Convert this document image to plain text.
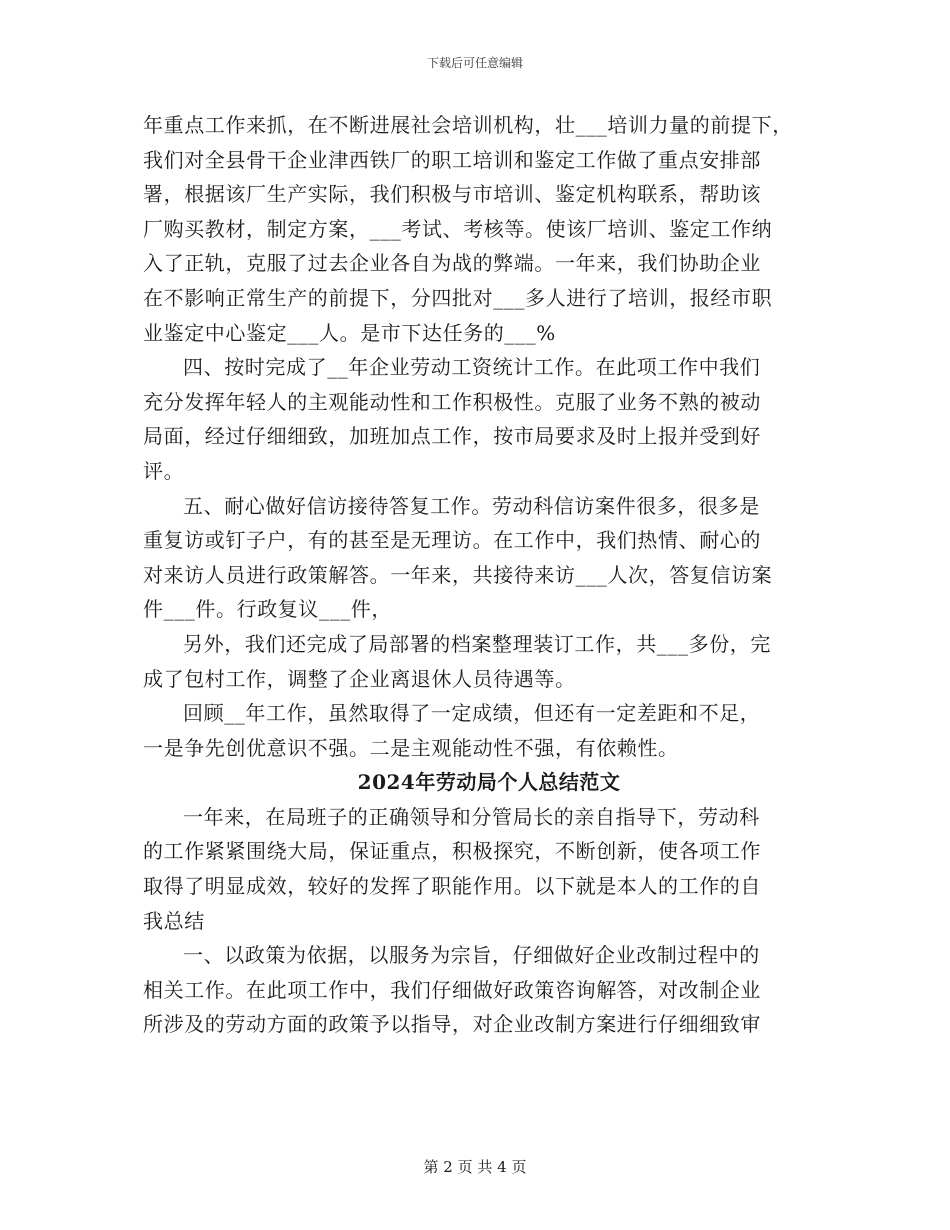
下载后可任意编辑
年重点工作来抓，在不断进展社会培训机构，壮___培训力量的前提下，
我们对全县骨干企业津西铁厂的职工培训和鉴定工作做了重点安排部
署，根据该厂生产实际，我们积极与市培训、鉴定机构联系，帮助该
厂购买教材，制定方案，___考试、考核等。使该厂培训、鉴定工作纳
入了正轨，克服了过去企业各自为战的弊端。一年来，我们协助企业
在不影响正常生产的前提下，分四批对___多人进行了培训，报经市职
业鉴定中心鉴定___人。是市下达任务的___%
四、按时完成了__年企业劳动工资统计工作。在此项工作中我们
充分发挥年轻人的主观能动性和工作积极性。克服了业务不熟的被动
局面，经过仔细细致，加班加点工作，按市局要求及时上报并受到好
评。
五、耐心做好信访接待答复工作。劳动科信访案件很多，很多是
重复访或钉子户，有的甚至是无理访。在工作中，我们热情、耐心的
对来访人员进行政策解答。一年来，共接待来访___人次，答复信访案
件___件。行政复议___件，
另外，我们还完成了局部署的档案整理装订工作，共___多份，完
成了包村工作，调整了企业离退休人员待遇等。
回顾__年工作，虽然取得了一定成绩，但还有一定差距和不足，
一是争先创优意识不强。二是主观能动性不强，有依赖性。
2024年劳动局个人总结范文
一年来，在局班子的正确领导和分管局长的亲自指导下，劳动科
的工作紧紧围绕大局，保证重点，积极探究，不断创新，使各项工作
取得了明显成效，较好的发挥了职能作用。以下就是本人的工作的自
我总结
一、以政策为依据，以服务为宗旨，仔细做好企业改制过程中的
相关工作。在此项工作中，我们仔细做好政策咨询解答，对改制企业
所涉及的劳动方面的政策予以指导，对企业改制方案进行仔细细致审
第 2 页 共 4 页
